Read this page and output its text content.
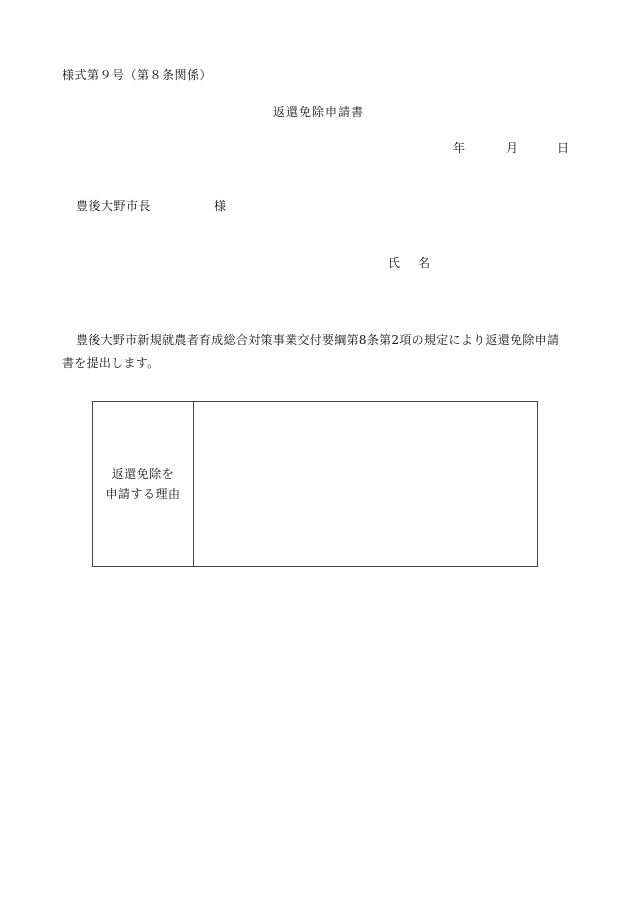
様式第９号（第８条関係）
返還免除申請書
年	月	日
豊後大野市長	様
氏 名
豊後大野市新規就農者育成総合対策事業交付要綱第8条第2項の規定により返還免除申請書を提出します。
返還免除を
申請する理由
